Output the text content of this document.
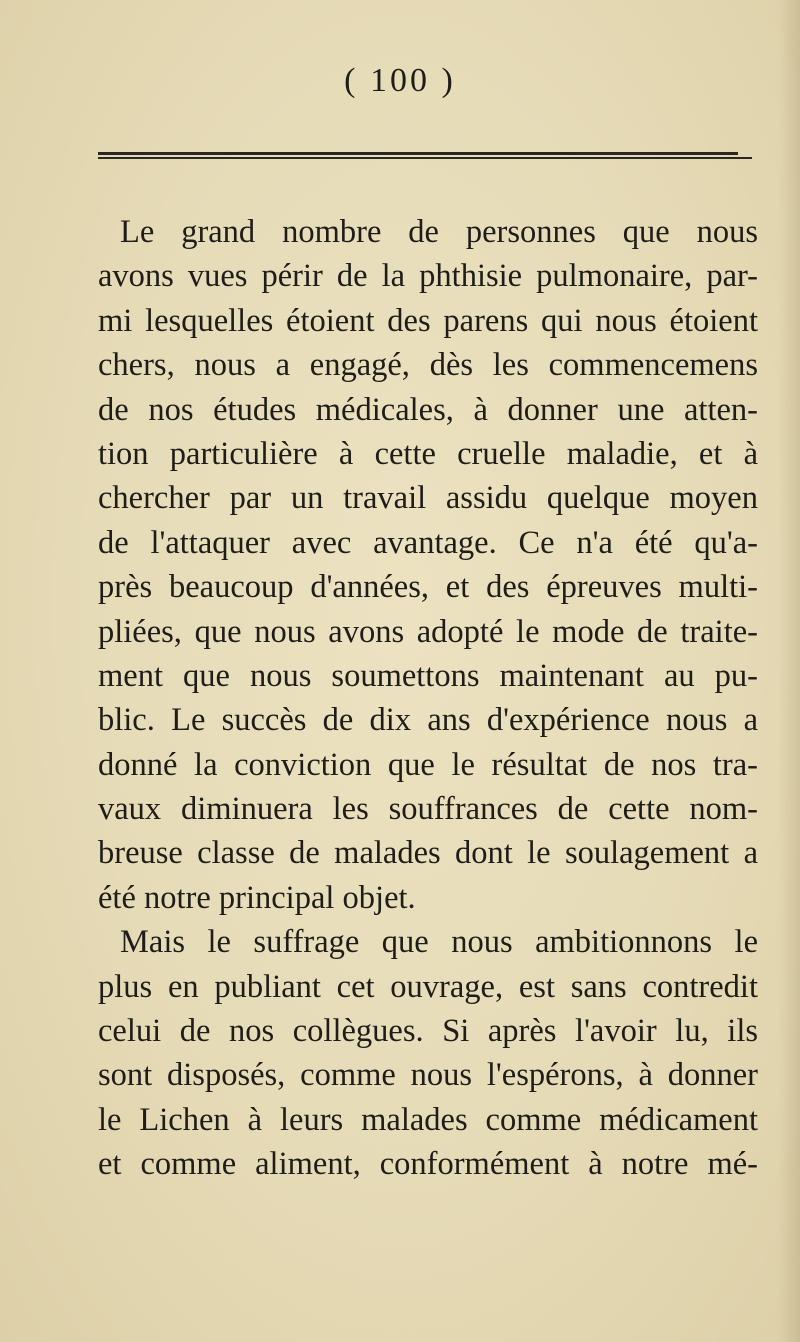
( 100 )
Le grand nombre de personnes que nous
avons vues périr de la phthisie pulmonaire, par-
mi lesquelles étoient des parens qui nous étoient
chers, nous a engagé, dès les commencemens
de nos études médicales, à donner une atten-
tion particulière à cette cruelle maladie, et à
chercher par un travail assidu quelque moyen
de l'attaquer avec avantage. Ce n'a été qu'a-
près beaucoup d'années, et des épreuves multi-
pliées, que nous avons adopté le mode de traite-
ment que nous soumettons maintenant au pu-
blic. Le succès de dix ans d'expérience nous a
donné la conviction que le résultat de nos tra-
vaux diminuera les souffrances de cette nom-
breuse classe de malades dont le soulagement a
été notre principal objet.
Mais le suffrage que nous ambitionnons le
plus en publiant cet ouvrage, est sans contredit
celui de nos collègues. Si après l'avoir lu, ils
sont disposés, comme nous l'espérons, à donner
le Lichen à leurs malades comme médicament
et comme aliment, conformément à notre mé-
